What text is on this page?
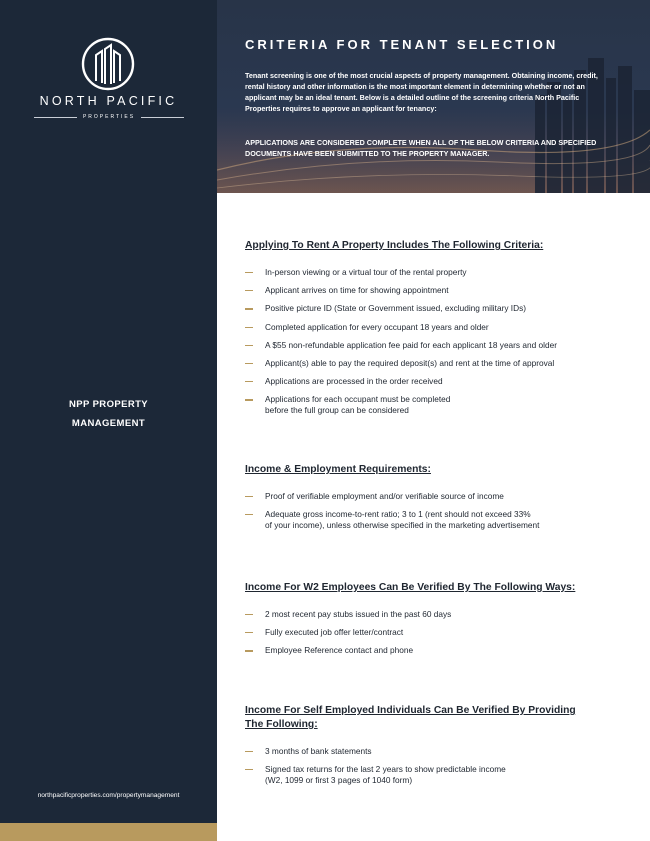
NORTH PACIFIC
PROPERTIES
NPP PROPERTY
MANAGEMENT
northpacificproperties.com/propertymanagement
CRITERIA FOR TENANT SELECTION
Tenant screening is one of the most crucial aspects of property management. Obtaining income, credit, rental history and other information is the most important element in determining whether or not an applicant may be an ideal tenant. Below is a detailed outline of the screening criteria North Pacific Properties requires to approve an applicant for tenancy:
APPLICATIONS ARE CONSIDERED COMPLETE WHEN ALL OF THE BELOW CRITERIA AND SPECIFIED DOCUMENTS HAVE BEEN SUBMITTED TO THE PROPERTY MANAGER.
Applying To Rent A Property Includes The Following Criteria:
In-person viewing or a virtual tour of the rental property
Applicant arrives on time for showing appointment
Positive picture ID (State or Government issued, excluding military IDs)
Completed application for every occupant 18 years and older
A $55 non-refundable application fee paid for each applicant 18 years and older
Applicant(s) able to pay the required deposit(s) and rent at the time of approval
Applications are processed in the order received
Applications for each occupant must be completed
before the full group can be considered
Income & Employment Requirements:
Proof of verifiable employment and/or verifiable source of income
Adequate gross income-to-rent ratio; 3 to 1 (rent should not exceed 33%
of your income), unless otherwise specified in the marketing advertisement
Income For W2 Employees Can Be Verified By The Following Ways:
2 most recent pay stubs issued in the past 60 days
Fully executed job offer letter/contract
Employee Reference contact and phone
Income For Self Employed Individuals Can Be Verified By Providing
The Following:
3 months of bank statements
Signed tax returns for the last 2 years to show predictable income
(W2, 1099 or first 3 pages of 1040 form)
